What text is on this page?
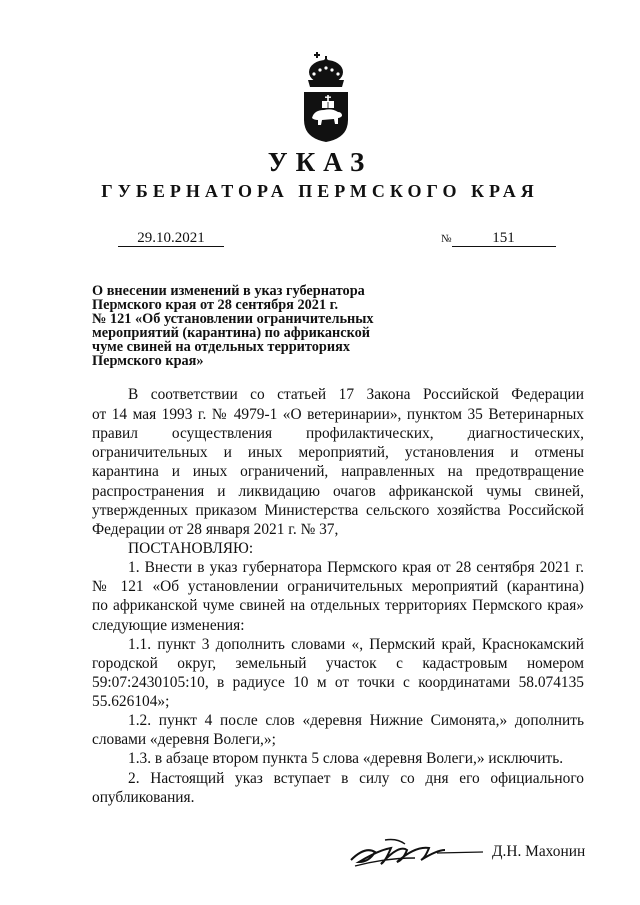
УКАЗ
ГУБЕРНАТОРА ПЕРМСКОГО КРАЯ
29.10.2021	№	151
О внесении изменений в указ губернатора
Пермского края от 28 сентября 2021 г.
№ 121 «Об установлении ограничительных
мероприятий (карантина) по африканской
чуме свиней на отдельных территориях
Пермского края»
В соответствии со статьей 17 Закона Российской Федерации
от 14 мая 1993 г. № 4979-1 «О ветеринарии», пунктом 35 Ветеринарных
правил осуществления профилактических, диагностических,
ограничительных и иных мероприятий, установления и отмены
карантина и иных ограничений, направленных на предотвращение
распространения и ликвидацию очагов африканской чумы свиней,
утвержденных приказом Министерства сельского хозяйства Российской
Федерации от 28 января 2021 г. № 37,
ПОСТАНОВЛЯЮ:
1. Внести в указ губернатора Пермского края от 28 сентября 2021 г.
№ 121 «Об установлении ограничительных мероприятий (карантина)
по африканской чуме свиней на отдельных территориях Пермского края»
следующие изменения:
1.1. пункт 3 дополнить словами «, Пермский край, Краснокамский
городской округ, земельный участок с кадастровым номером
59:07:2430105:10, в радиусе 10 м от точки с координатами 58.074135
55.626104»;
1.2. пункт 4 после слов «деревня Нижние Симонята,» дополнить
словами «деревня Волеги,»;
1.3. в абзаце втором пункта 5 слова «деревня Волеги,» исключить.
2. Настоящий указ вступает в силу со дня его официального
опубликования.
Д.Н. Махонин
